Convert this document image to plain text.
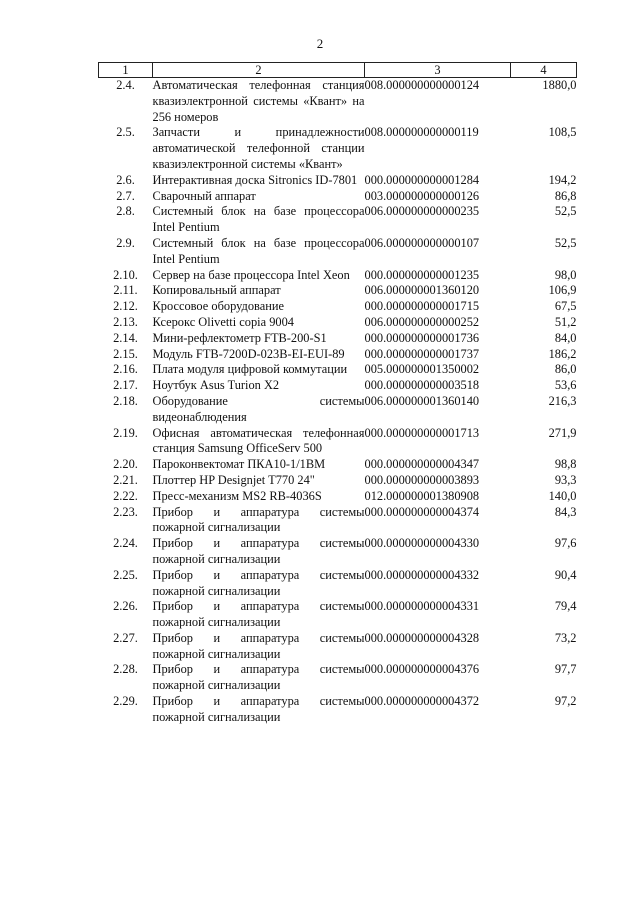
2
1	2	3	4
2.4.	Автоматическая телефонная станция квазиэлектронной системы «Квант» на 256 номеров	008.000000000000124	1880,0
2.5.	Запчасти и принадлежности автоматической телефонной станции квазиэлектронной системы «Квант»	008.000000000000119	108,5
2.6.	Интерактивная доска Sitronics ID-7801	000.000000000001284	194,2
2.7.	Сварочный аппарат	003.000000000000126	86,8
2.8.	Системный блок на базе процессора Intel Pentium	006.000000000000235	52,5
2.9.	Системный блок на базе процессора Intel Pentium	006.000000000000107	52,5
2.10.	Сервер на базе процессора Intel Xeon	000.000000000001235	98,0
2.11.	Копировальный аппарат	006.000000001360120	106,9
2.12.	Кроссовое оборудование	000.000000000001715	67,5
2.13.	Ксерокс Olivetti copia 9004	006.000000000000252	51,2
2.14.	Мини-рефлектометр FTB-200-S1	000.000000000001736	84,0
2.15.	Модуль FTB-7200D-023B-EI-EUI-89	000.000000000001737	186,2
2.16.	Плата модуля цифровой коммутации	005.000000001350002	86,0
2.17.	Ноутбук Asus Turion X2	000.000000000003518	53,6
2.18.	Оборудование системы видеонаблюдения	006.000000001360140	216,3
2.19.	Офисная автоматическая телефонная станция Samsung OfficeServ 500	000.000000000001713	271,9
2.20.	Пароконвектомат ПКА10-1/1ВМ	000.000000000004347	98,8
2.21.	Плоттер HP Designjet T770 24"	000.000000000003893	93,3
2.22.	Пресс-механизм MS2 RB-4036S	012.000000001380908	140,0
2.23.	Прибор и аппаратура системы пожарной сигнализации	000.000000000004374	84,3
2.24.	Прибор и аппаратура системы пожарной сигнализации	000.000000000004330	97,6
2.25.	Прибор и аппаратура системы пожарной сигнализации	000.000000000004332	90,4
2.26.	Прибор и аппаратура системы пожарной сигнализации	000.000000000004331	79,4
2.27.	Прибор и аппаратура системы пожарной сигнализации	000.000000000004328	73,2
2.28.	Прибор и аппаратура системы пожарной сигнализации	000.000000000004376	97,7
2.29.	Прибор и аппаратура системы пожарной сигнализации	000.000000000004372	97,2
